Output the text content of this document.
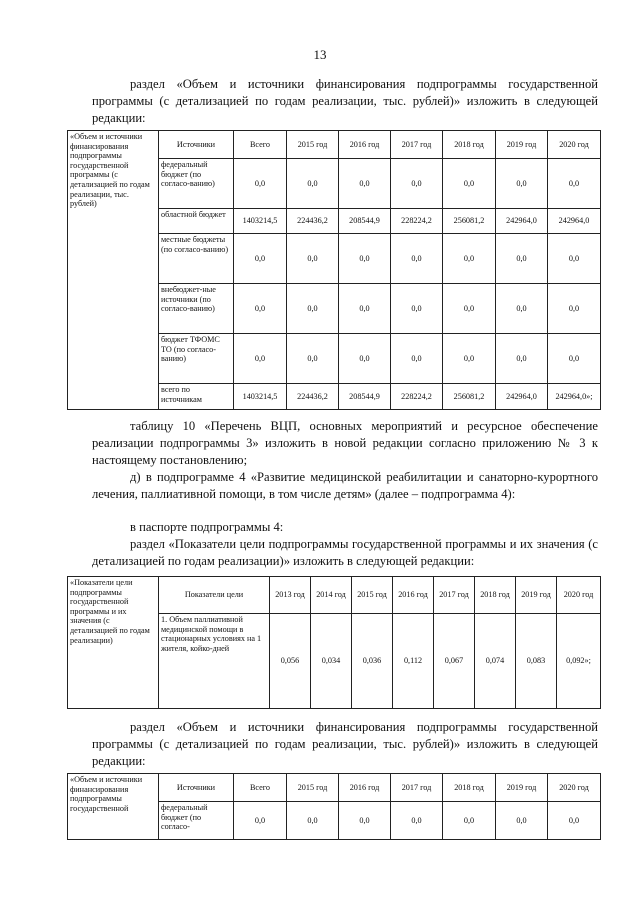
13
раздел «Объем и источники финансирования подпрограммы государственной программы (с детализацией по годам реализации, тыс. рублей)» изложить в следующей редакции:
«Объем и источники финансирования подпрограммы государственной программы (с детализацией по годам реализации, тыс. рублей)	Источники	Всего	2015 год	2016 год	2017 год	2018 год	2019 год	2020 год
	федеральный бюджет (по согласо-ванию)	0,0	0,0	0,0	0,0	0,0	0,0	0,0
	областной бюджет	1403214,5	224436,2	208544,9	228224,2	256081,2	242964,0	242964,0
	местные бюджеты (по согласо-ванию)	0,0	0,0	0,0	0,0	0,0	0,0	0,0
	внебюджет-ные источники (по согласо-ванию)	0,0	0,0	0,0	0,0	0,0	0,0	0,0
	бюджет ТФОМС ТО (по согласо-ванию)	0,0	0,0	0,0	0,0	0,0	0,0	0,0
	всего по источникам	1403214,5	224436,2	208544,9	228224,2	256081,2	242964,0	242964,0»;
таблицу 10 «Перечень ВЦП, основных мероприятий и ресурсное обеспечение реализации подпрограммы 3» изложить в новой редакции согласно приложению № 3 к настоящему постановлению;
д) в подпрограмме 4 «Развитие медицинской реабилитации и санаторно-курортного лечения, паллиативной помощи, в том числе детям» (далее – подпрограмма 4):
в паспорте подпрограммы 4:
раздел «Показатели цели подпрограммы государственной программы и их значения (с детализацией по годам реализации)» изложить в следующей редакции:
«Показатели цели подпрограммы государственной программы и их значения (с детализацией по годам реализации)	Показатели цели	2013 год	2014 год	2015 год	2016 год	2017 год	2018 год	2019 год	2020 год
	1. Объем паллиативной медицинской помощи в стационарных условиях на 1 жителя, койко-дней	0,056	0,034	0,036	0,112	0,067	0,074	0,083	0,092»;
раздел «Объем и источники финансирования подпрограммы государственной программы (с детализацией по годам реализации, тыс. рублей)» изложить в следующей редакции:
«Объем и источники финансирования подпрограммы государственной	Источники	Всего	2015 год	2016 год	2017 год	2018 год	2019 год	2020 год
	федеральный бюджет (по согласо-	0,0	0,0	0,0	0,0	0,0	0,0	0,0
